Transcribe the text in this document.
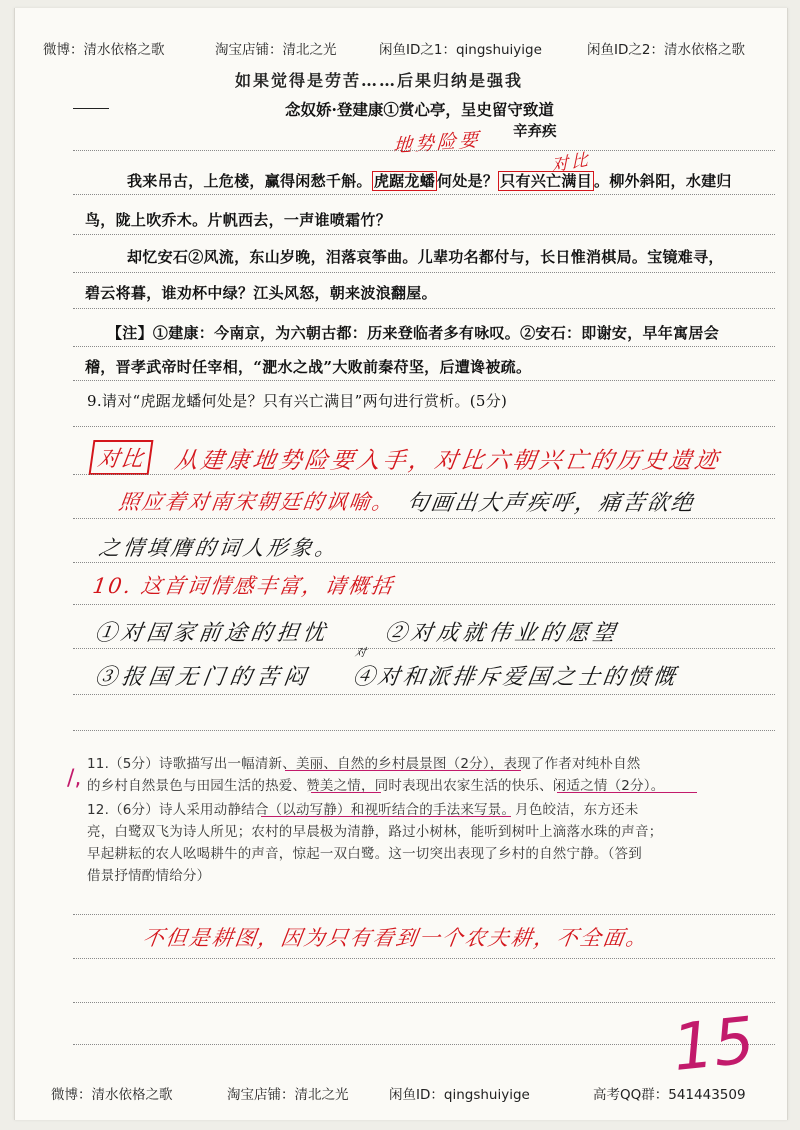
微博：清水依格之歌	淘宝店铺：清北之光	闲鱼ID之1：qingshuiyige	闲鱼ID之2：清水依格之歌
如果觉得是劳苦……后果归纳是强我
念奴娇·登建康①赏心亭，呈史留守致道
地势险要 辛弃疾
对比
我来吊古，上危楼，赢得闲愁千斛。 虎踞龙蟠 何处是？ 只有兴亡满目 。柳外斜阳，水建归
鸟，陇上吹乔木。片帆西去，一声谁喷霜竹？
却忆安石②风流，东山岁晚，泪落哀筝曲。儿辈功名都付与，长日惟消棋局。宝镜难寻，
碧云将暮，谁劝杯中绿？江头风怒，朝来波浪翻屋。
【注】①建康：今南京，为六朝古都：历来登临者多有咏叹。②安石：即谢安，早年寓居会
稽，晋孝武帝时任宰相，“淝水之战”大败前秦苻坚，后遭谗被疏。
9.请对“虎踞龙蟠何处是？只有兴亡满目”两句进行赏析。(5分)
对比	从建康地势险要入手，对比六朝兴亡的历史遗迹
照应着对南宋朝廷的讽喻。 句画出大声疾呼，痛苦欲绝
之情填膺的词人形象。
10. 这首词情感丰富，请概括
①对国家前途的担忧 ②对成就伟业的愿望
③报国无门的苦闷
对
④对和派排斥爱国之士的愤慨
11.（5分）诗歌描写出一幅清新、美丽、自然的乡村晨景图（2分），表现了作者对纯朴自然
的乡村自然景色与田园生活的热爱、赞美之情，同时表现出农家生活的快乐、闲适之情（2分）。
/,
12.（6分）诗人采用动静结合（以动写静）和视听结合的手法来写景。月色皎洁，东方还未
亮，白鹭双飞为诗人所见；农村的早晨极为清静，路过小树林，能听到树叶上滴落水珠的声音；
早起耕耘的农人吆喝耕牛的声音，惊起一双白鹭。这一切突出表现了乡村的自然宁静。（答到
借景抒情酌情给分）
不但是耕图，因为只有看到一个农夫耕，不全面。
15
微博：清水依格之歌	淘宝店铺：清北之光	闲鱼ID：qingshuiyige	高考QQ群：541443509
